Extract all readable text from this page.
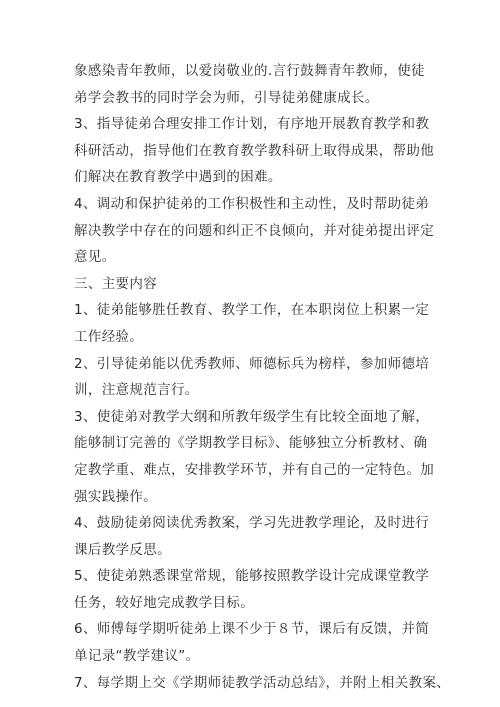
象感染青年教师，以爱岗敬业的.言行鼓舞青年教师，使徒
弟学会教书的同时学会为师，引导徒弟健康成长。
3、指导徒弟合理安排工作计划，有序地开展教育教学和教
科研活动，指导他们在教育教学教科研上取得成果，帮助他
们解决在教育教学中遇到的困难。
4、调动和保护徒弟的工作积极性和主动性，及时帮助徒弟
解决教学中存在的问题和纠正不良倾向，并对徒弟提出评定
意见。
三、主要内容
1、徒弟能够胜任教育、教学工作，在本职岗位上积累一定
工作经验。
2、引导徒弟能以优秀教师、师德标兵为榜样，参加师德培
训，注意规范言行。
3、使徒弟对教学大纲和所教年级学生有比较全面地了解，
能够制订完善的《学期教学目标》、能够独立分析教材、确
定教学重、难点，安排教学环节，并有自己的一定特色。加
强实践操作。
4、鼓励徒弟阅读优秀教案，学习先进教学理论，及时进行
课后教学反思。
5、使徒弟熟悉课堂常规，能够按照教学设计完成课堂教学
任务，较好地完成教学目标。
6、师傅每学期听徒弟上课不少于８节，课后有反馈，并简
单记录“教学建议”。
7、每学期上交《学期师徒教学活动总结》，并附上相关教案、
